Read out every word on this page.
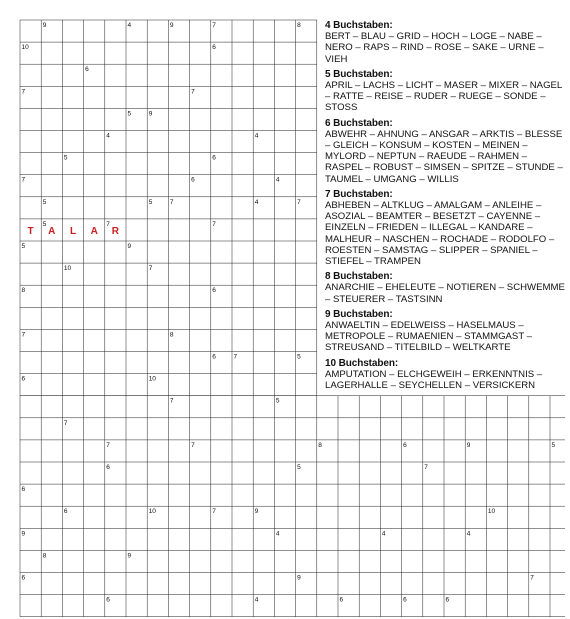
9	4	9	7	8
10	6
6
7	7
9
5
4	4
5	6
7	6	4
5	7	7
5
5
4
7	7
5	9
10	7
8	6
8
7
6	7	5
6	10
7	5
7
7	7	8	6	9	5
6	5	7
6
6	10	7	9	10
9	4	4	4
8	9
6	9	7
6	4	6	6	6
T A L A R
4 Buchstaben:
BERT – BLAU – GRID – HOCH – LOGE – NABE – NERO – RAPS – RIND – ROSE – SAKE – URNE – VIEH
5 Buchstaben:
APRIL – LACHS – LICHT – MASER – MIXER – NAGEL – RATTE – REISE – RUDER – RUEGE – SONDE – STOSS
6 Buchstaben:
ABWEHR – AHNUNG – ANSGAR – ARKTIS – BLESSE – GLEICH – KONSUM – KOSTEN – MEINEN – MYLORD – NEPTUN – RAEUDE – RAHMEN – RASPEL – ROBUST – SIMSEN – SPITZE – STUNDE – TAUMEL – UMGANG – WILLIS
7 Buchstaben:
ABHEBEN – ALTKLUG – AMALGAM – ANLEIHE – ASOZIAL – BEAMTER – BESETZT – CAYENNE – EINZELN – FRIEDEN – ILLEGAL – KANDARE – MALHEUR – NASCHEN – ROCHADE – RODOLFO – ROESTEN – SAMSTAG – SLIPPER – SPANIEL – STIEFEL – TRAMPEN
8 Buchstaben:
ANARCHIE – EHELEUTE – NOTIEREN – SCHWEMME – STEUERER – TASTSINN
9 Buchstaben:
ANWAELTIN – EDELWEISS – HASELMAUS – METROPOLE – RUMAENIEN – STAMMGAST – STREUSAND – TITELBILD – WELTKARTE
10 Buchstaben:
AMPUTATION – ELCHGEWEIH – ERKENNTNIS – LAGERHALLE – SEYCHELLEN – VERSICKERN
